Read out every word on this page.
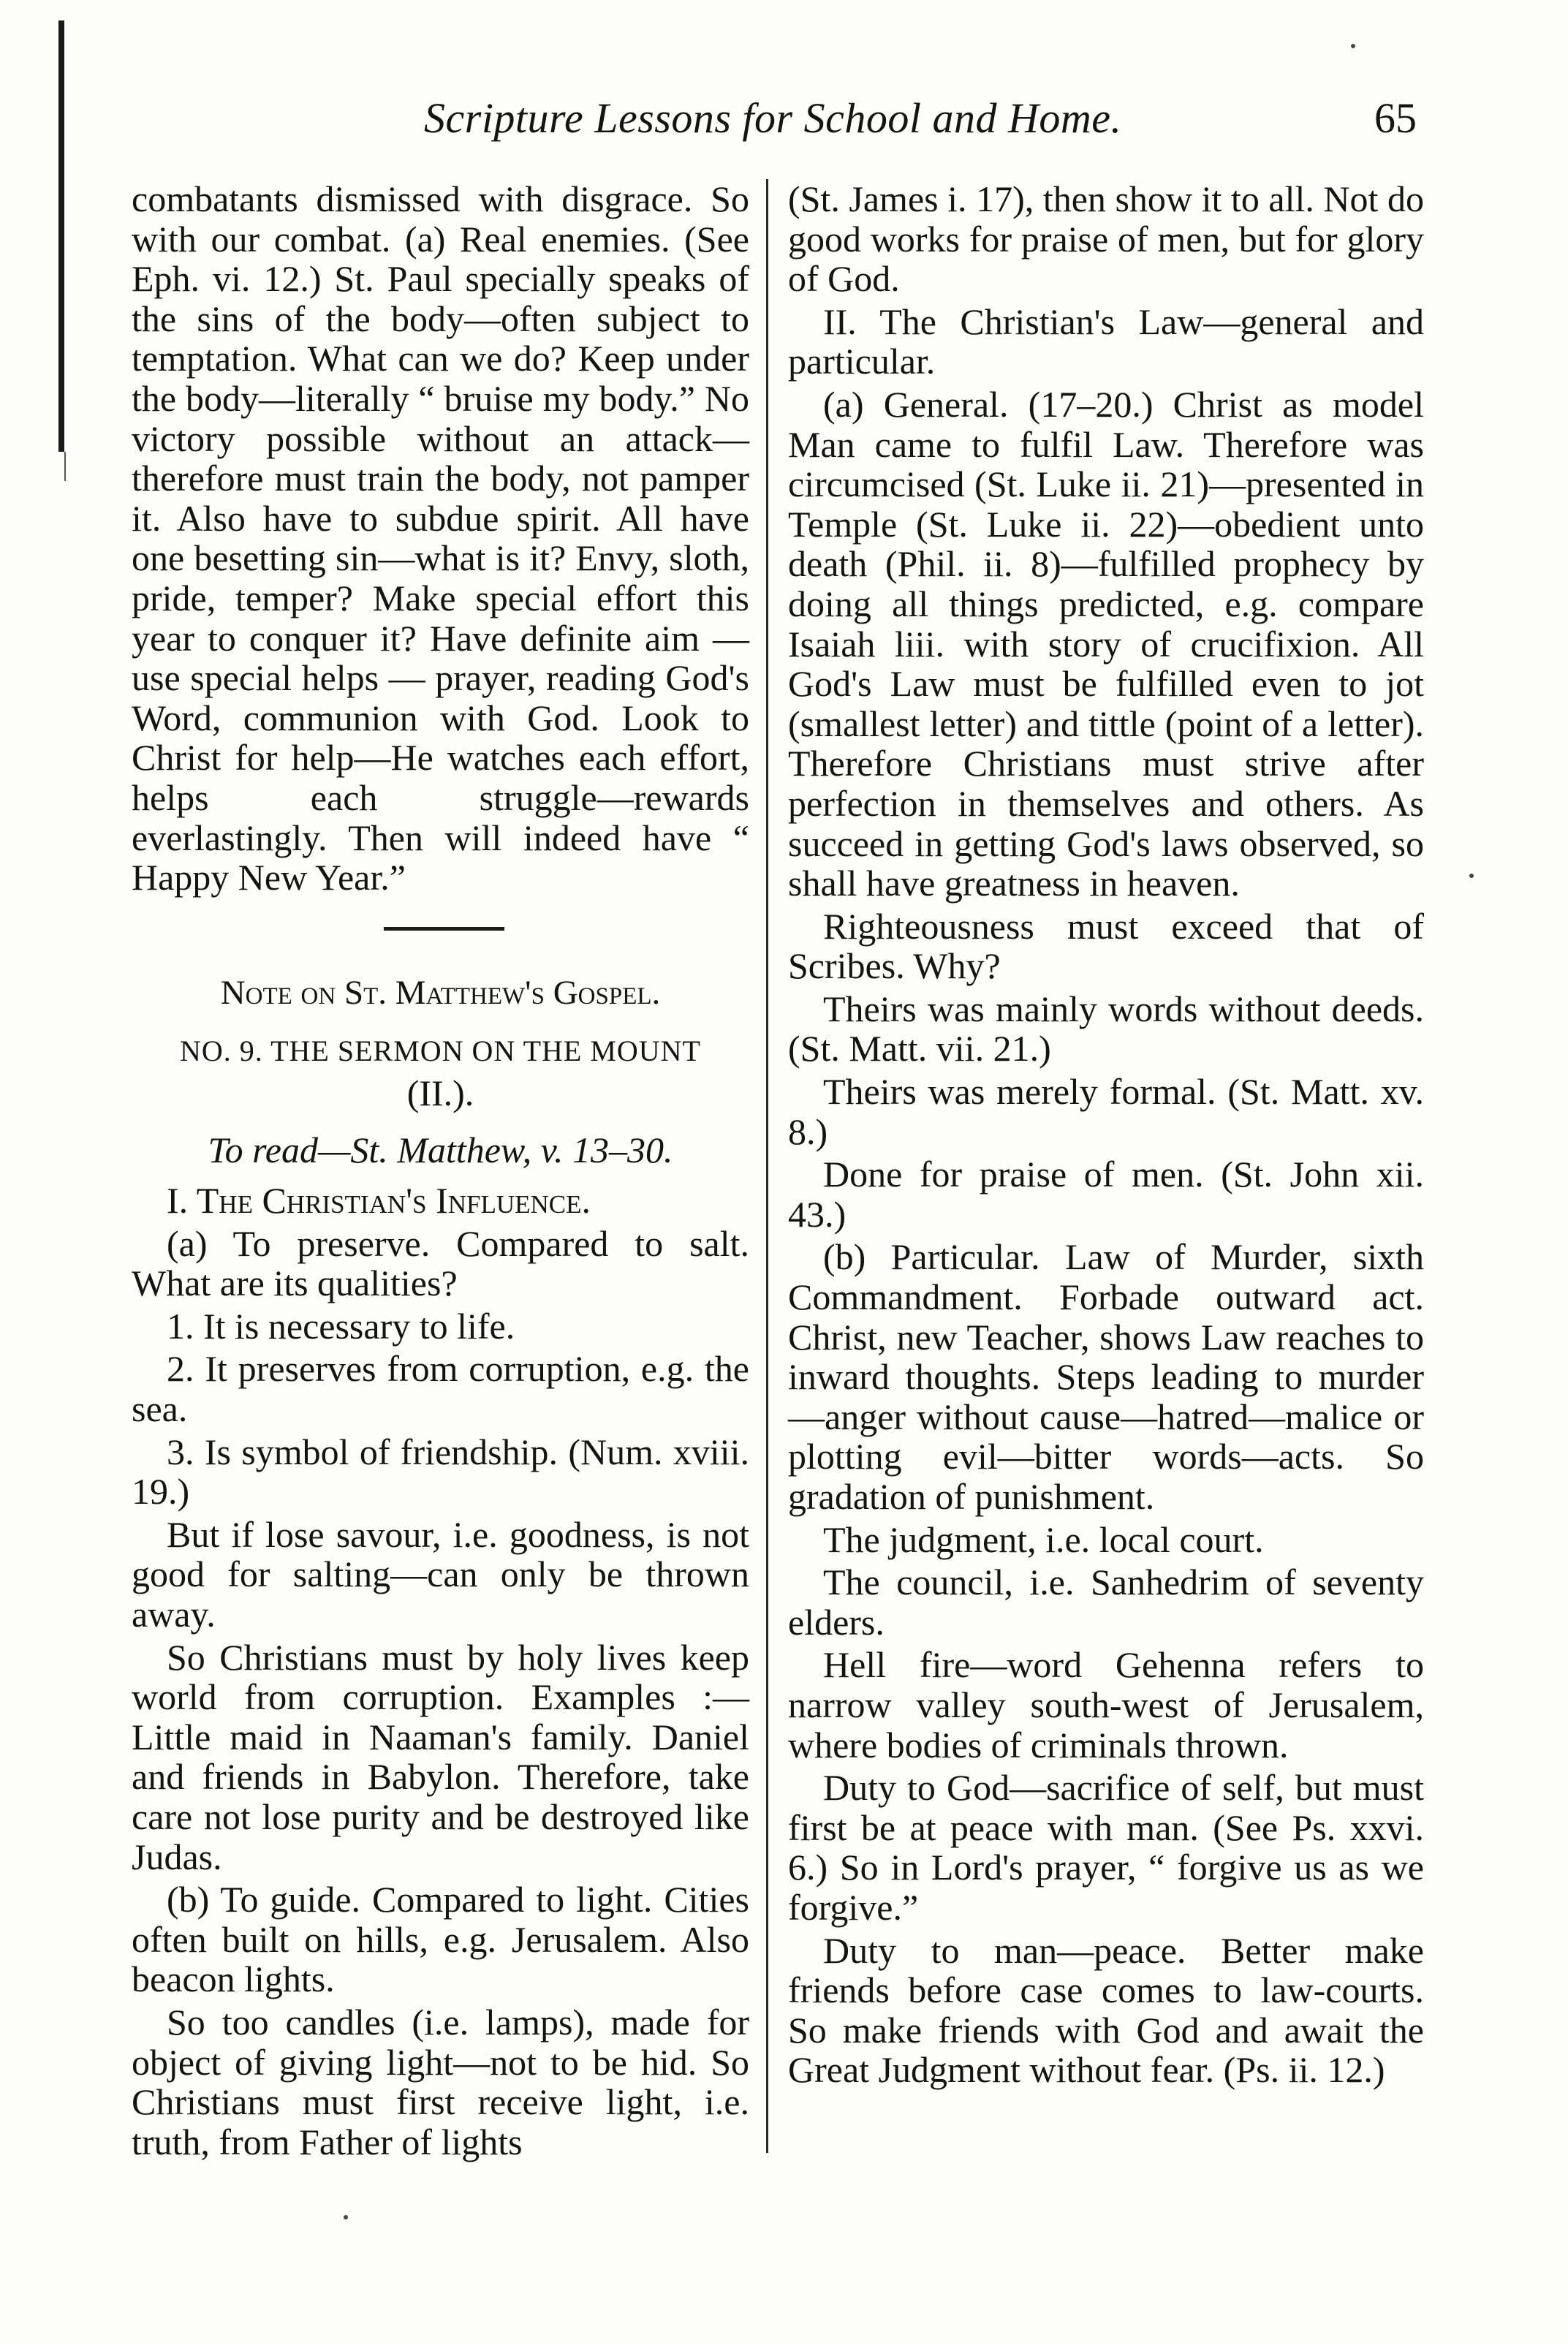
Scripture Lessons for School and Home.	65

combatants dismissed with disgrace. So with our combat. (a) Real enemies. (See Eph. vi. 12.) St. Paul specially speaks of the sins of the body—often subject to temptation. What can we do? Keep under the body—literally “ bruise my body.” No victory possible without an attack—therefore must train the body, not pamper it. Also have to subdue spirit. All have one besetting sin—what is it? Envy, sloth, pride, temper? Make special effort this year to conquer it? Have definite aim — use special helps — prayer, reading God's Word, communion with God. Look to Christ for help—He watches each effort, helps each struggle—rewards everlastingly. Then will indeed have “ Happy New Year.”

Note on St. Matthew's Gospel.
NO. 9. THE SERMON ON THE MOUNT
(II.).
To read—St. Matthew, v. 13–30.

I. The Christian's Influence.

(a) To preserve. Compared to salt. What are its qualities?

1. It is necessary to life.

2. It preserves from corruption, e.g. the sea.

3. Is symbol of friendship. (Num. xviii. 19.)

But if lose savour, i.e. goodness, is not good for salting—can only be thrown away.

So Christians must by holy lives keep world from corruption. Examples :—Little maid in Naaman's family. Daniel and friends in Babylon. Therefore, take care not lose purity and be destroyed like Judas.

(b) To guide. Compared to light. Cities often built on hills, e.g. Jerusalem. Also beacon lights.

So too candles (i.e. lamps), made for object of giving light—not to be hid. So Christians must first receive light, i.e. truth, from Father of lights

(St. James i. 17), then show it to all. Not do good works for praise of men, but for glory of God.

II. The Christian's Law—general and particular.

(a) General. (17–20.) Christ as model Man came to fulfil Law. Therefore was circumcised (St. Luke ii. 21)—presented in Temple (St. Luke ii. 22)—obedient unto death (Phil. ii. 8)—fulfilled prophecy by doing all things predicted, e.g. compare Isaiah liii. with story of crucifixion. All God's Law must be fulfilled even to jot (smallest letter) and tittle (point of a letter). Therefore Christians must strive after perfection in themselves and others. As succeed in getting God's laws observed, so shall have greatness in heaven.

Righteousness must exceed that of Scribes. Why?

Theirs was mainly words without deeds. (St. Matt. vii. 21.)

Theirs was merely formal. (St. Matt. xv. 8.)

Done for praise of men. (St. John xii. 43.)

(b) Particular. Law of Murder, sixth Commandment. Forbade outward act. Christ, new Teacher, shows Law reaches to inward thoughts. Steps leading to murder—anger without cause—hatred—malice or plotting evil—bitter words—acts. So gradation of punishment.

The judgment, i.e. local court.

The council, i.e. Sanhedrim of seventy elders.

Hell fire—word Gehenna refers to narrow valley south-west of Jerusalem, where bodies of criminals thrown.

Duty to God—sacrifice of self, but must first be at peace with man. (See Ps. xxvi. 6.) So in Lord's prayer, “ forgive us as we forgive.”

Duty to man—peace. Better make friends before case comes to law-courts. So make friends with God and await the Great Judgment without fear. (Ps. ii. 12.)
